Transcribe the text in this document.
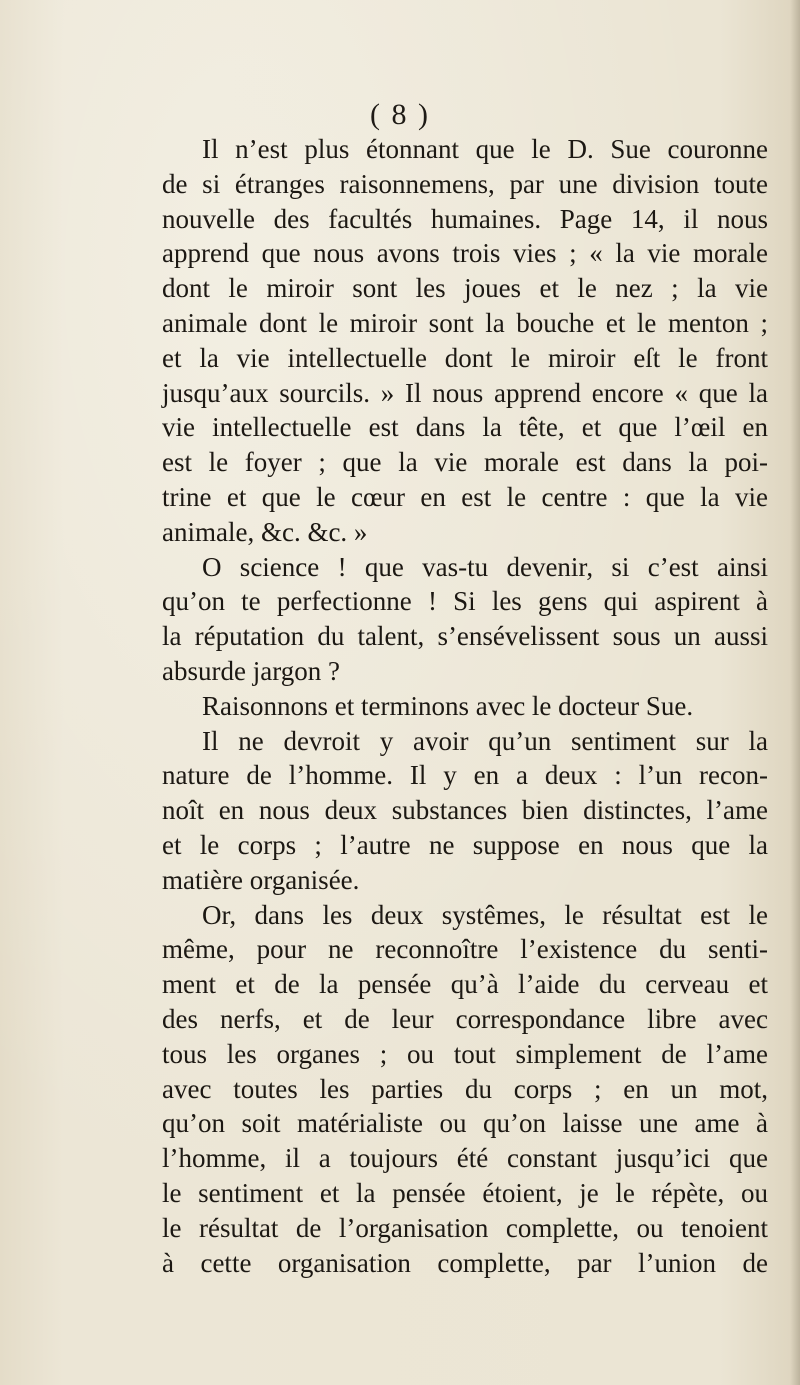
( 8 )
Il n’est plus étonnant que le D. Sue couronne
de si étranges raisonnemens, par une division toute
nouvelle des facultés humaines. Page 14, il nous
apprend que nous avons trois vies ; « la vie morale
dont le miroir sont les joues et le nez ; la vie
animale dont le miroir sont la bouche et le menton ;
et la vie intellectuelle dont le miroir eſt le front
jusqu’aux sourcils. » Il nous apprend encore « que la
vie intellectuelle est dans la tête, et que l’œil en
est le foyer ; que la vie morale est dans la poi-
trine et que le cœur en est le centre : que la vie
animale, &c. &c. »
O science ! que vas-tu devenir, si c’est ainsi
qu’on te perfectionne ! Si les gens qui aspirent à
la réputation du talent, s’ensévelissent sous un aussi
absurde jargon ?
Raisonnons et terminons avec le docteur Sue.
Il ne devroit y avoir qu’un sentiment sur la
nature de l’homme. Il y en a deux : l’un recon-
noît en nous deux substances bien distinctes, l’ame
et le corps ; l’autre ne suppose en nous que la
matière organisée.
Or, dans les deux systêmes, le résultat est le
même, pour ne reconnoître l’existence du senti-
ment et de la pensée qu’à l’aide du cerveau et
des nerfs, et de leur correspondance libre avec
tous les organes ; ou tout simplement de l’ame
avec toutes les parties du corps ; en un mot,
qu’on soit matérialiste ou qu’on laisse une ame à
l’homme, il a toujours été constant jusqu’ici que
le sentiment et la pensée étoient, je le répète, ou
le résultat de l’organisation complette, ou tenoient
à cette organisation complette, par l’union de
